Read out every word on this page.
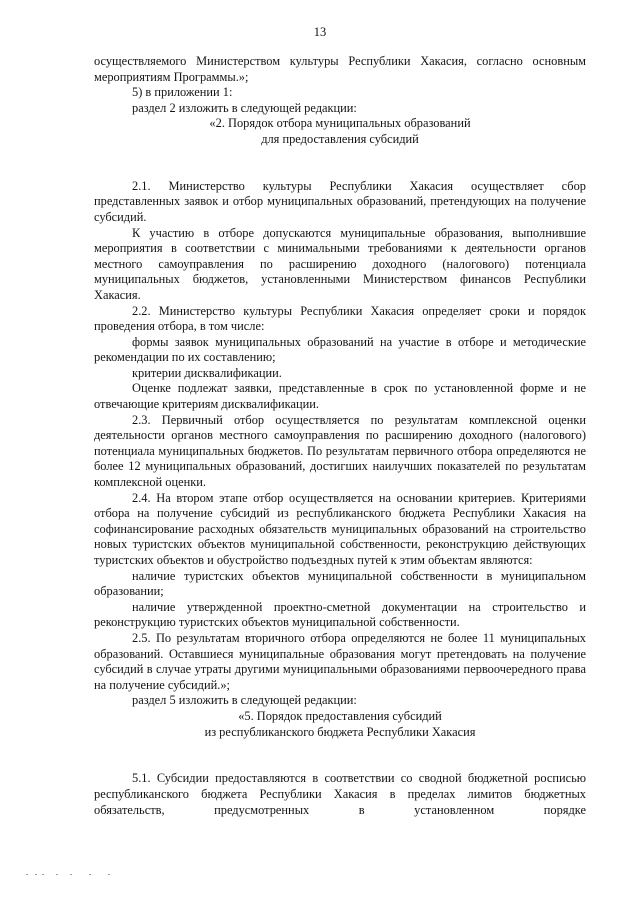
13

осуществляемого Министерством культуры Республики Хакасия, согласно основным мероприятиям Программы.»;

5) в приложении 1:

раздел 2 изложить в следующей редакции:

«2. Порядок отбора муниципальных образований

для предоставления субсидий

2.1. Министерство культуры Республики Хакасия осуществляет сбор представленных заявок и отбор муниципальных образований, претендующих на получение субсидий.

К участию в отборе допускаются муниципальные образования, выполнившие мероприятия в соответствии с минимальными требованиями к деятельности органов местного самоуправления по расширению доходного (налогового) потенциала муниципальных бюджетов, установленными Министерством финансов Республики Хакасия.

2.2. Министерство культуры Республики Хакасия определяет сроки и порядок проведения отбора, в том числе:

формы заявок муниципальных образований на участие в отборе и методические рекомендации по их составлению;

критерии дисквалификации.

Оценке подлежат заявки, представленные в срок по установленной форме и не отвечающие критериям дисквалификации.

2.3. Первичный отбор осуществляется по результатам комплексной оценки деятельности органов местного самоуправления по расширению доходного (налогового) потенциала муниципальных бюджетов. По результатам первичного отбора определяются не более 12 муниципальных образований, достигших наилучших показателей по результатам комплексной оценки.

2.4. На втором этапе отбор осуществляется на основании критериев. Критериями отбора на получение субсидий из республиканского бюджета Республики Хакасия на софинансирование расходных обязательств муниципальных образований на строительство новых туристских объектов муниципальной собственности, реконструкцию действующих туристских объектов и обустройство подъездных путей к этим объектам являются:

наличие туристских объектов муниципальной собственности в муниципальном образовании;

наличие утвержденной проектно-сметной документации на строительство и реконструкцию туристских объектов муниципальной собственности.

2.5. По результатам вторичного отбора определяются не более 11 муниципальных образований. Оставшиеся муниципальные образования могут претендовать на получение субсидий в случае утраты другими муниципальными образованиями первоочередного права на получение субсидий.»;

раздел 5 изложить в следующей редакции:

«5. Порядок предоставления субсидий

из республиканского бюджета Республики Хакасия

5.1. Субсидии предоставляются в соответствии со сводной бюджетной росписью республиканского бюджета Республики Хакасия в пределах лимитов бюджетных обязательств, предусмотренных в установленном порядке
